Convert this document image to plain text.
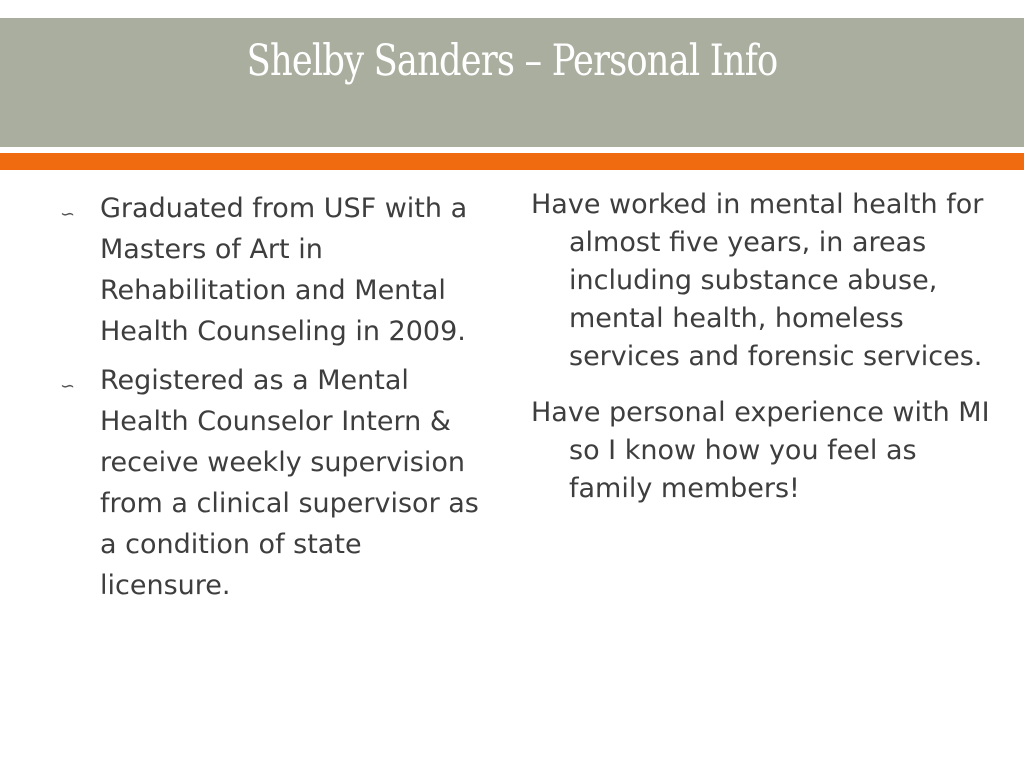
Shelby Sanders – Personal Info
∽ Graduated from USF with a Masters of Art in Rehabilitation and Mental Health Counseling in 2009.
∽ Registered as a Mental Health Counselor Intern & receive weekly supervision from a clinical supervisor as a condition of state licensure.
Have worked in mental health for almost five years, in areas including substance abuse, mental health, homeless services and forensic services.
Have personal experience with MI so I know how you feel as family members!
